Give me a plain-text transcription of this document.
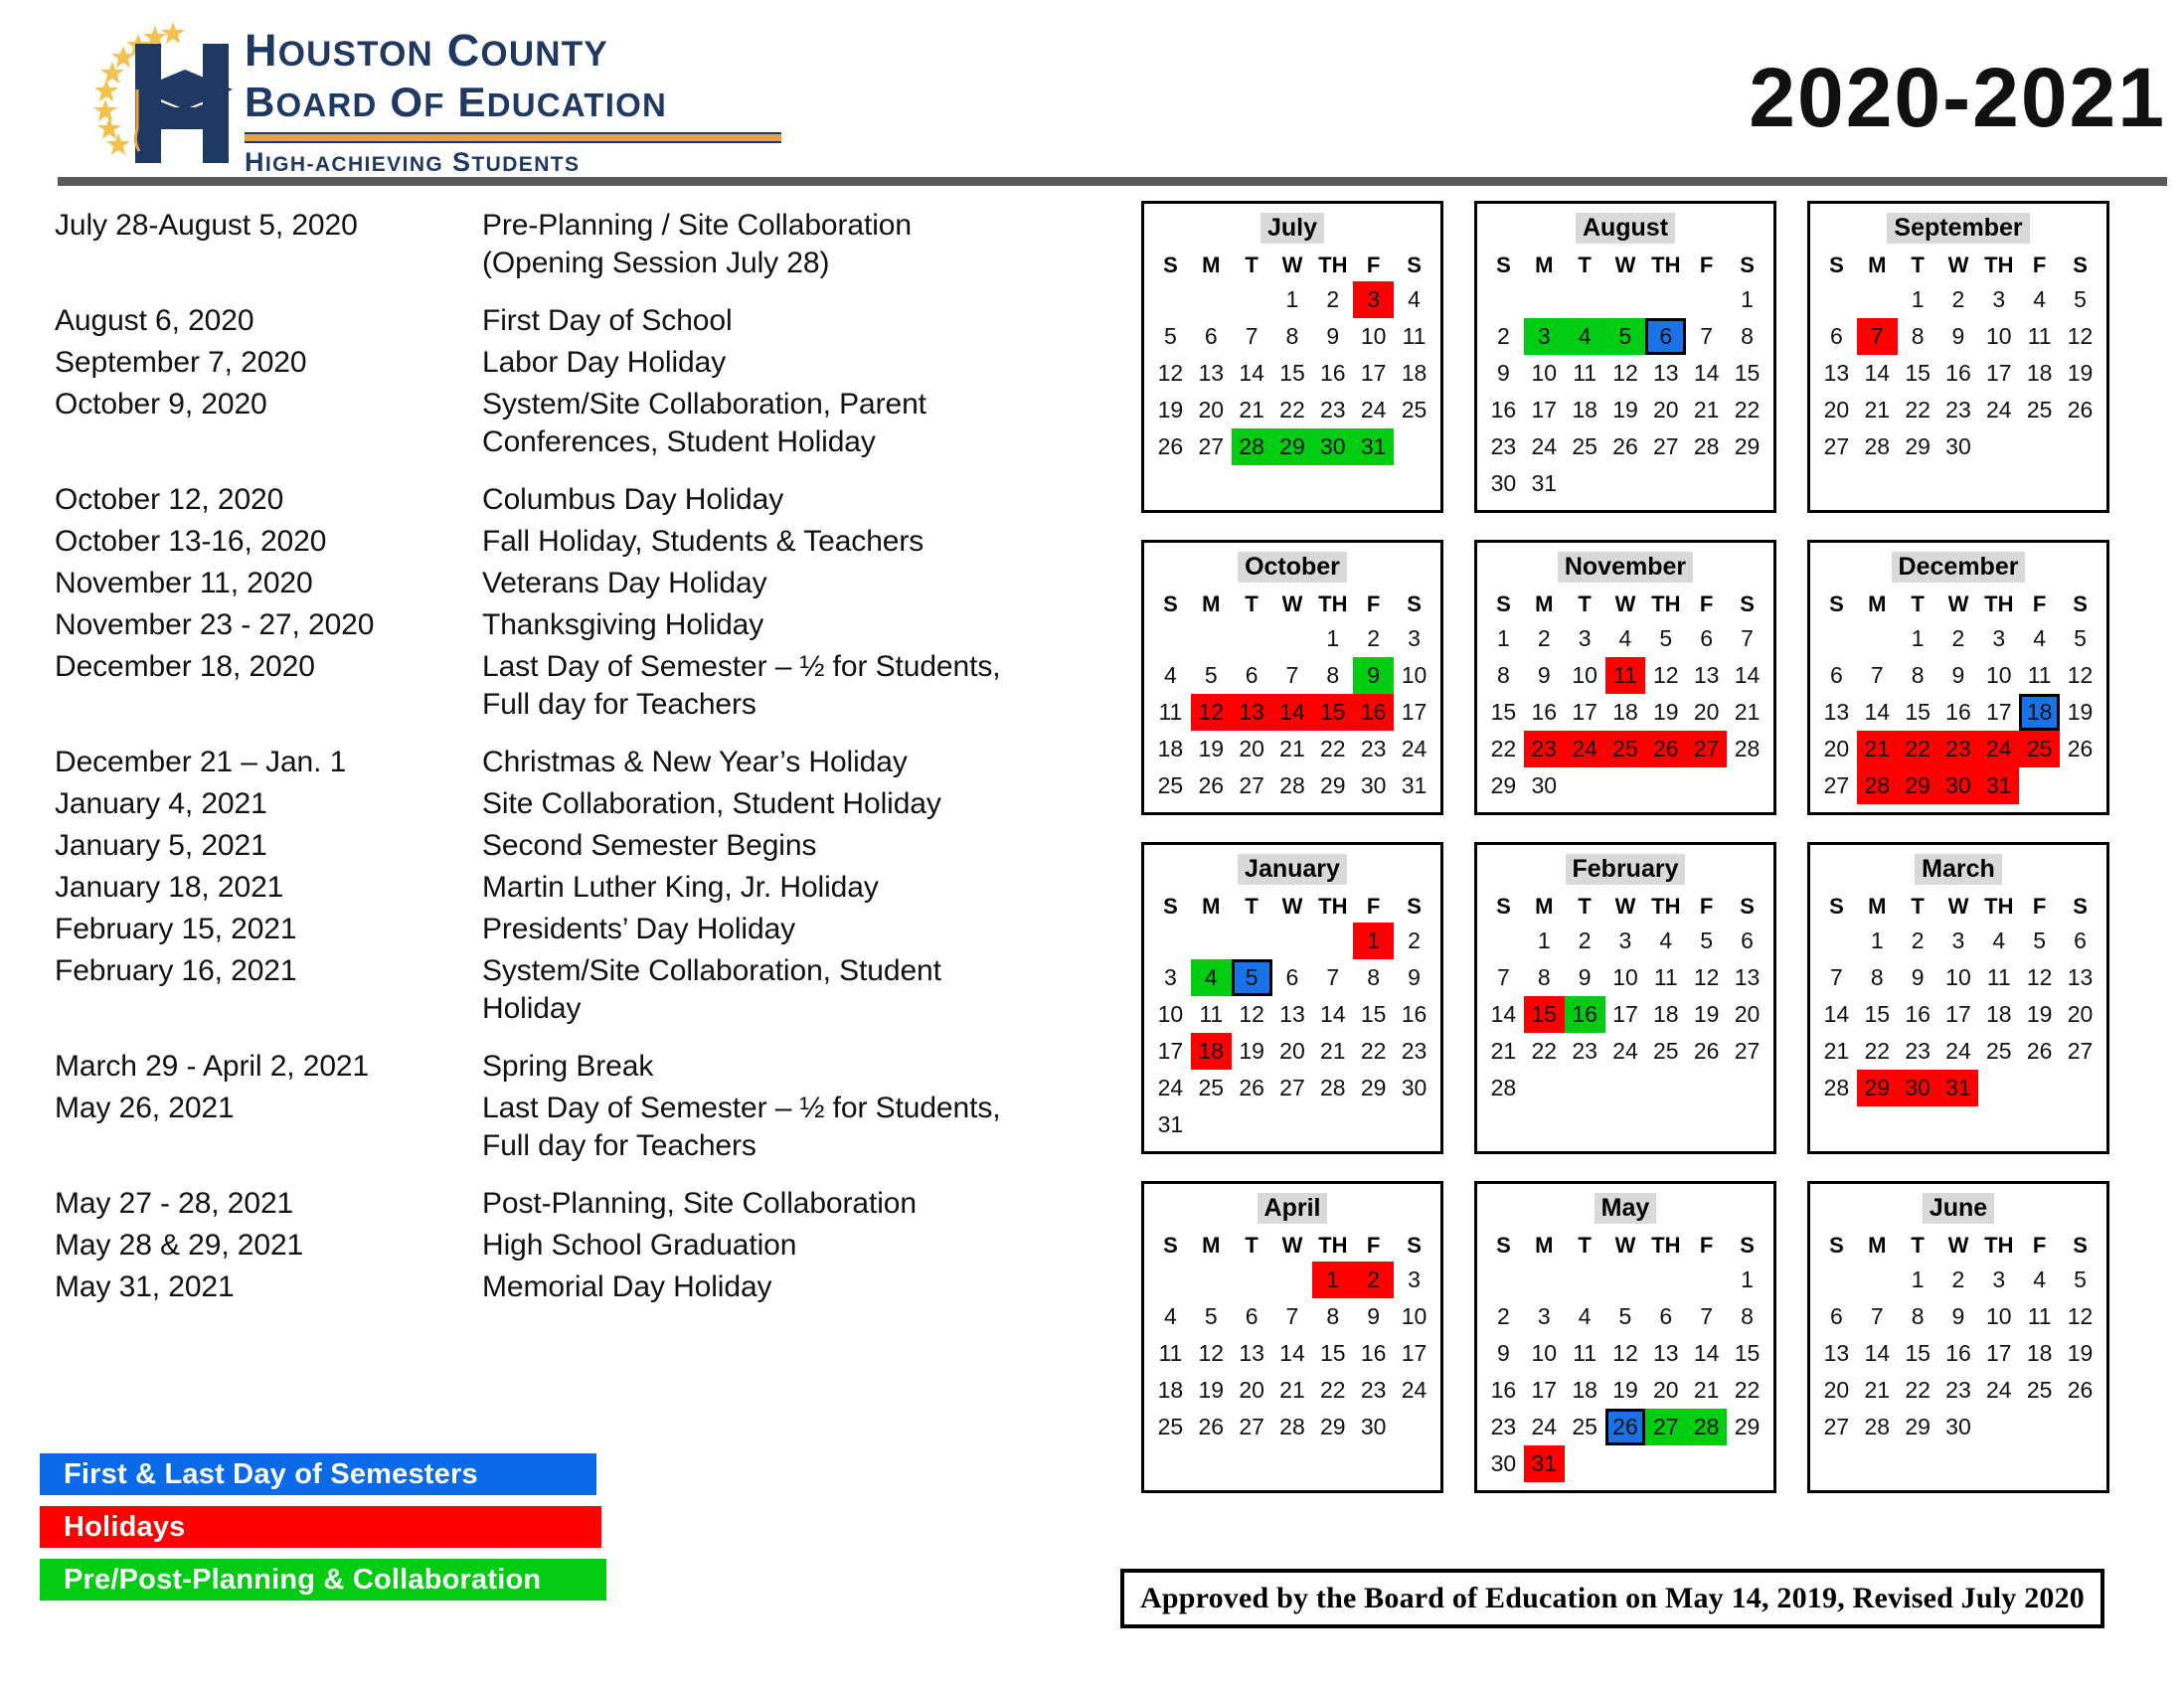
HOUSTON COUNTY
BOARD OF EDUCATION
HIGH-ACHIEVING STUDENTS
2020-2021
July 28-August 5, 2020	Pre-Planning / Site Collaboration
(Opening Session July 28)
August 6, 2020	First Day of School
September 7, 2020	Labor Day Holiday
October 9, 2020	System/Site Collaboration, Parent
Conferences, Student Holiday
October 12, 2020	Columbus Day Holiday
October 13-16, 2020	Fall Holiday, Students & Teachers
November 11, 2020	Veterans Day Holiday
November 23 - 27, 2020	Thanksgiving Holiday
December 18, 2020	Last Day of Semester – ½ for Students,
Full day for Teachers
December 21 – Jan. 1	Christmas & New Year’s Holiday
January 4, 2021	Site Collaboration, Student Holiday
January 5, 2021	Second Semester Begins
January 18, 2021	Martin Luther King, Jr. Holiday
February 15, 2021	Presidents’ Day Holiday
February 16, 2021	System/Site Collaboration, Student
Holiday
March 29 - April 2, 2021	Spring Break
May 26, 2021	Last Day of Semester – ½ for Students,
Full day for Teachers
May 27 - 28, 2021	Post-Planning, Site Collaboration
May 28 & 29, 2021	High School Graduation
May 31, 2021	Memorial Day Holiday
First & Last Day of Semesters
Holidays
Pre/Post-Planning & Collaboration
July
S	M	T	W	TH	F	S
			1	2	3	4
5	6	7	8	9	10	11
12	13	14	15	16	17	18
19	20	21	22	23	24	25
26	27	28	29	30	31	
August
S	M	T	W	TH	F	S
						1
2	3	4	5	6	7	8
9	10	11	12	13	14	15
16	17	18	19	20	21	22
23	24	25	26	27	28	29
30	31					
September
S	M	T	W	TH	F	S
		1	2	3	4	5
6	7	8	9	10	11	12
13	14	15	16	17	18	19
20	21	22	23	24	25	26
27	28	29	30			
October
S	M	T	W	TH	F	S
				1	2	3
4	5	6	7	8	9	10
11	12	13	14	15	16	17
18	19	20	21	22	23	24
25	26	27	28	29	30	31
November
S	M	T	W	TH	F	S
1	2	3	4	5	6	7
8	9	10	11	12	13	14
15	16	17	18	19	20	21
22	23	24	25	26	27	28
29	30					
December
S	M	T	W	TH	F	S
		1	2	3	4	5
6	7	8	9	10	11	12
13	14	15	16	17	18	19
20	21	22	23	24	25	26
27	28	29	30	31		
January
S	M	T	W	TH	F	S
					1	2
3	4	5	6	7	8	9
10	11	12	13	14	15	16
17	18	19	20	21	22	23
24	25	26	27	28	29	30
31						
February
S	M	T	W	TH	F	S
	1	2	3	4	5	6
7	8	9	10	11	12	13
14	15	16	17	18	19	20
21	22	23	24	25	26	27
28						
March
S	M	T	W	TH	F	S
	1	2	3	4	5	6
7	8	9	10	11	12	13
14	15	16	17	18	19	20
21	22	23	24	25	26	27
28	29	30	31			
April
S	M	T	W	TH	F	S
				1	2	3
4	5	6	7	8	9	10
11	12	13	14	15	16	17
18	19	20	21	22	23	24
25	26	27	28	29	30	
May
S	M	T	W	TH	F	S
						1
2	3	4	5	6	7	8
9	10	11	12	13	14	15
16	17	18	19	20	21	22
23	24	25	26	27	28	29
30	31					
June
S	M	T	W	TH	F	S
		1	2	3	4	5
6	7	8	9	10	11	12
13	14	15	16	17	18	19
20	21	22	23	24	25	26
27	28	29	30			
Approved by the Board of Education on May 14, 2019, Revised July 2020
